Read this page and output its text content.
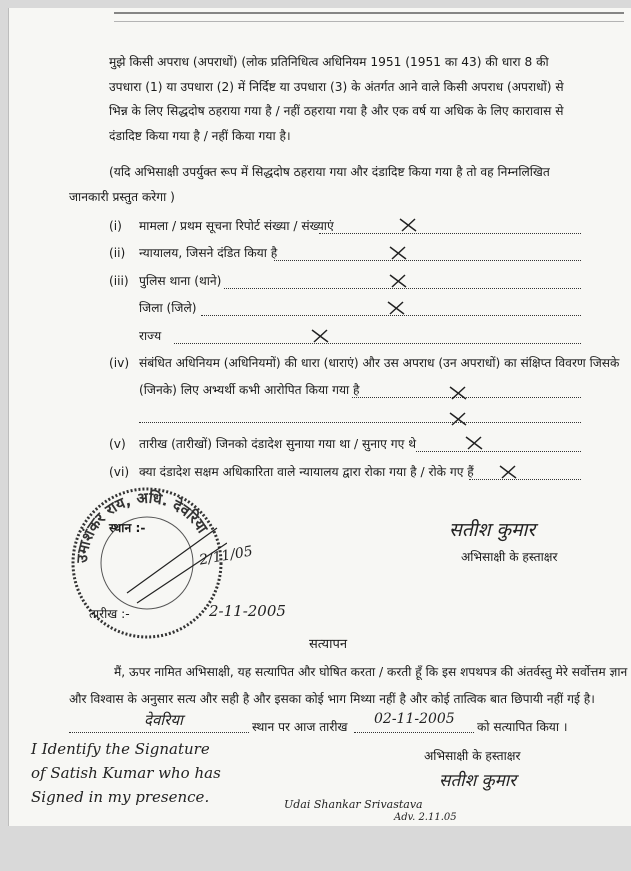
मुझे किसी अपराध (अपराधों) (लोक प्रतिनिधित्व अधिनियम 1951 (1951 का 43) की धारा 8 की उपधारा (1) या उपधारा (2) में निर्दिष्ट या उपधारा (3) के अंतर्गत आने वाले किसी अपराध (अपराधों) से भिन्न के लिए सिद्धदोष ठहराया गया है / नहीं ठहराया गया है और एक वर्ष या अधिक के लिए कारावास से दंडादिष्ट किया गया है / नहीं किया गया है।
(यदि अभिसाक्षी उपर्युक्त रूप में सिद्धदोष ठहराया गया और दंडादिष्ट किया गया है तो वह निम्नलिखित जानकारी प्रस्तुत करेगा )
(i) मामला / प्रथम सूचना रिपोर्ट संख्या / संख्याएं
(ii) न्यायालय, जिसने दंडित किया है
(iii) पुलिस थाना (थाने)
जिला (जिले)
राज्य
(iv) संबंधित अधिनियम (अधिनियमों) की धारा (धाराएं) और उस अपराध (उन अपराधों) का संक्षिप्त विवरण जिसके
(जिनके) लिए अभ्यर्थी कभी आरोपित किया गया है
(v) तारीख (तारीखों) जिनको दंडादेश सुनाया गया था / सुनाए गए थे
(vi) क्या दंडादेश सक्षम अधिकारिता वाले न्यायालय द्वारा रोका गया है / रोके गए हैं
उमाशंकर राय, अधि. देवरिया
स्थान :-
तारीख :-	2-11-2005
2/11/05
सतीश कुमार
अभिसाक्षी के हस्ताक्षर
सत्यापन
मैं, ऊपर नामित अभिसाक्षी, यह सत्यापित और घोषित करता / करती हूँ कि इस शपथपत्र की अंतर्वस्तु मेरे सर्वोत्तम ज्ञान
और विश्वास के अनुसार सत्य और सही है और इसका कोई भाग मिथ्या नहीं है और कोई तात्विक बात छिपायी नहीं गई है।
देवरिया	स्थान पर आज तारीख 02-11-2005 को सत्यापित किया ।
अभिसाक्षी के हस्ताक्षर
सतीश कुमार
I Identify the Signature
of Satish Kumar who has
Signed in my presence.	Udai Shankar Srivastava
Adv. 2.11.05
